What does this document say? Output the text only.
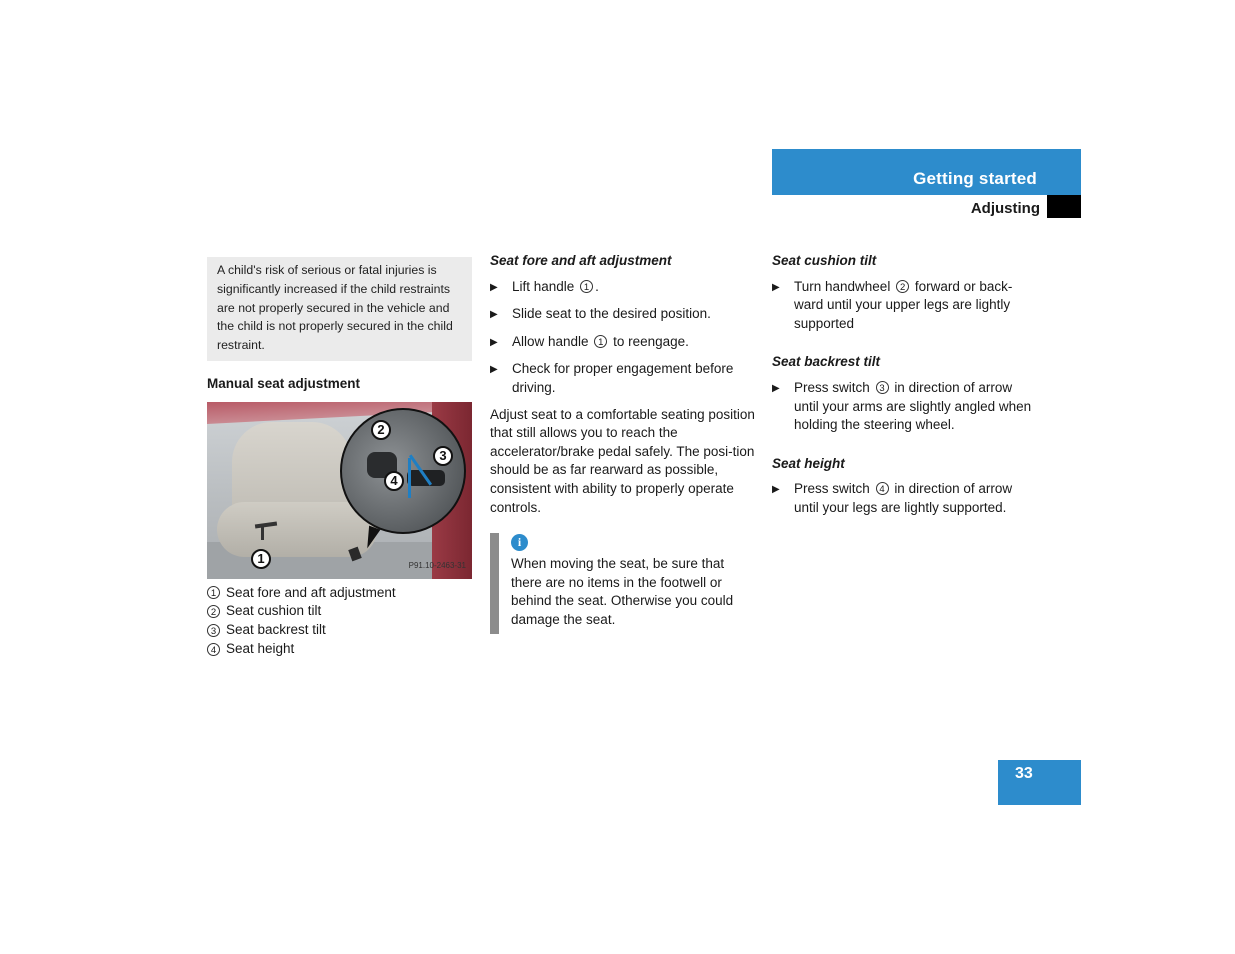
Getting started
Adjusting
A child's risk of serious or fatal injuries is significantly increased if the child restraints are not properly secured in the vehicle and the child is not properly secured in the child restraint.
Manual seat adjustment
1
2
3
4
P91.10-2463-31
1 Seat fore and aft adjustment
2 Seat cushion tilt
3 Seat backrest tilt
4 Seat height
Seat fore and aft adjustment
▶	Lift handle 1 .
▶	Slide seat to the desired position.
▶	Allow handle 1 to reengage.
▶	Check for proper engagement before driving.
Adjust seat to a comfortable seating position that still allows you to reach the accelerator/brake pedal safely. The posi-tion should be as far rearward as possible, consistent with ability to properly operate controls.
i
When moving the seat, be sure that there are no items in the footwell or behind the seat. Otherwise you could damage the seat.
Seat cushion tilt
▶	Turn handwheel 2 forward or back-ward until your upper legs are lightly supported
Seat backrest tilt
▶	Press switch 3 in direction of arrow until your arms are slightly angled when holding the steering wheel.
Seat height
▶	Press switch 4 in direction of arrow until your legs are lightly supported.
33
